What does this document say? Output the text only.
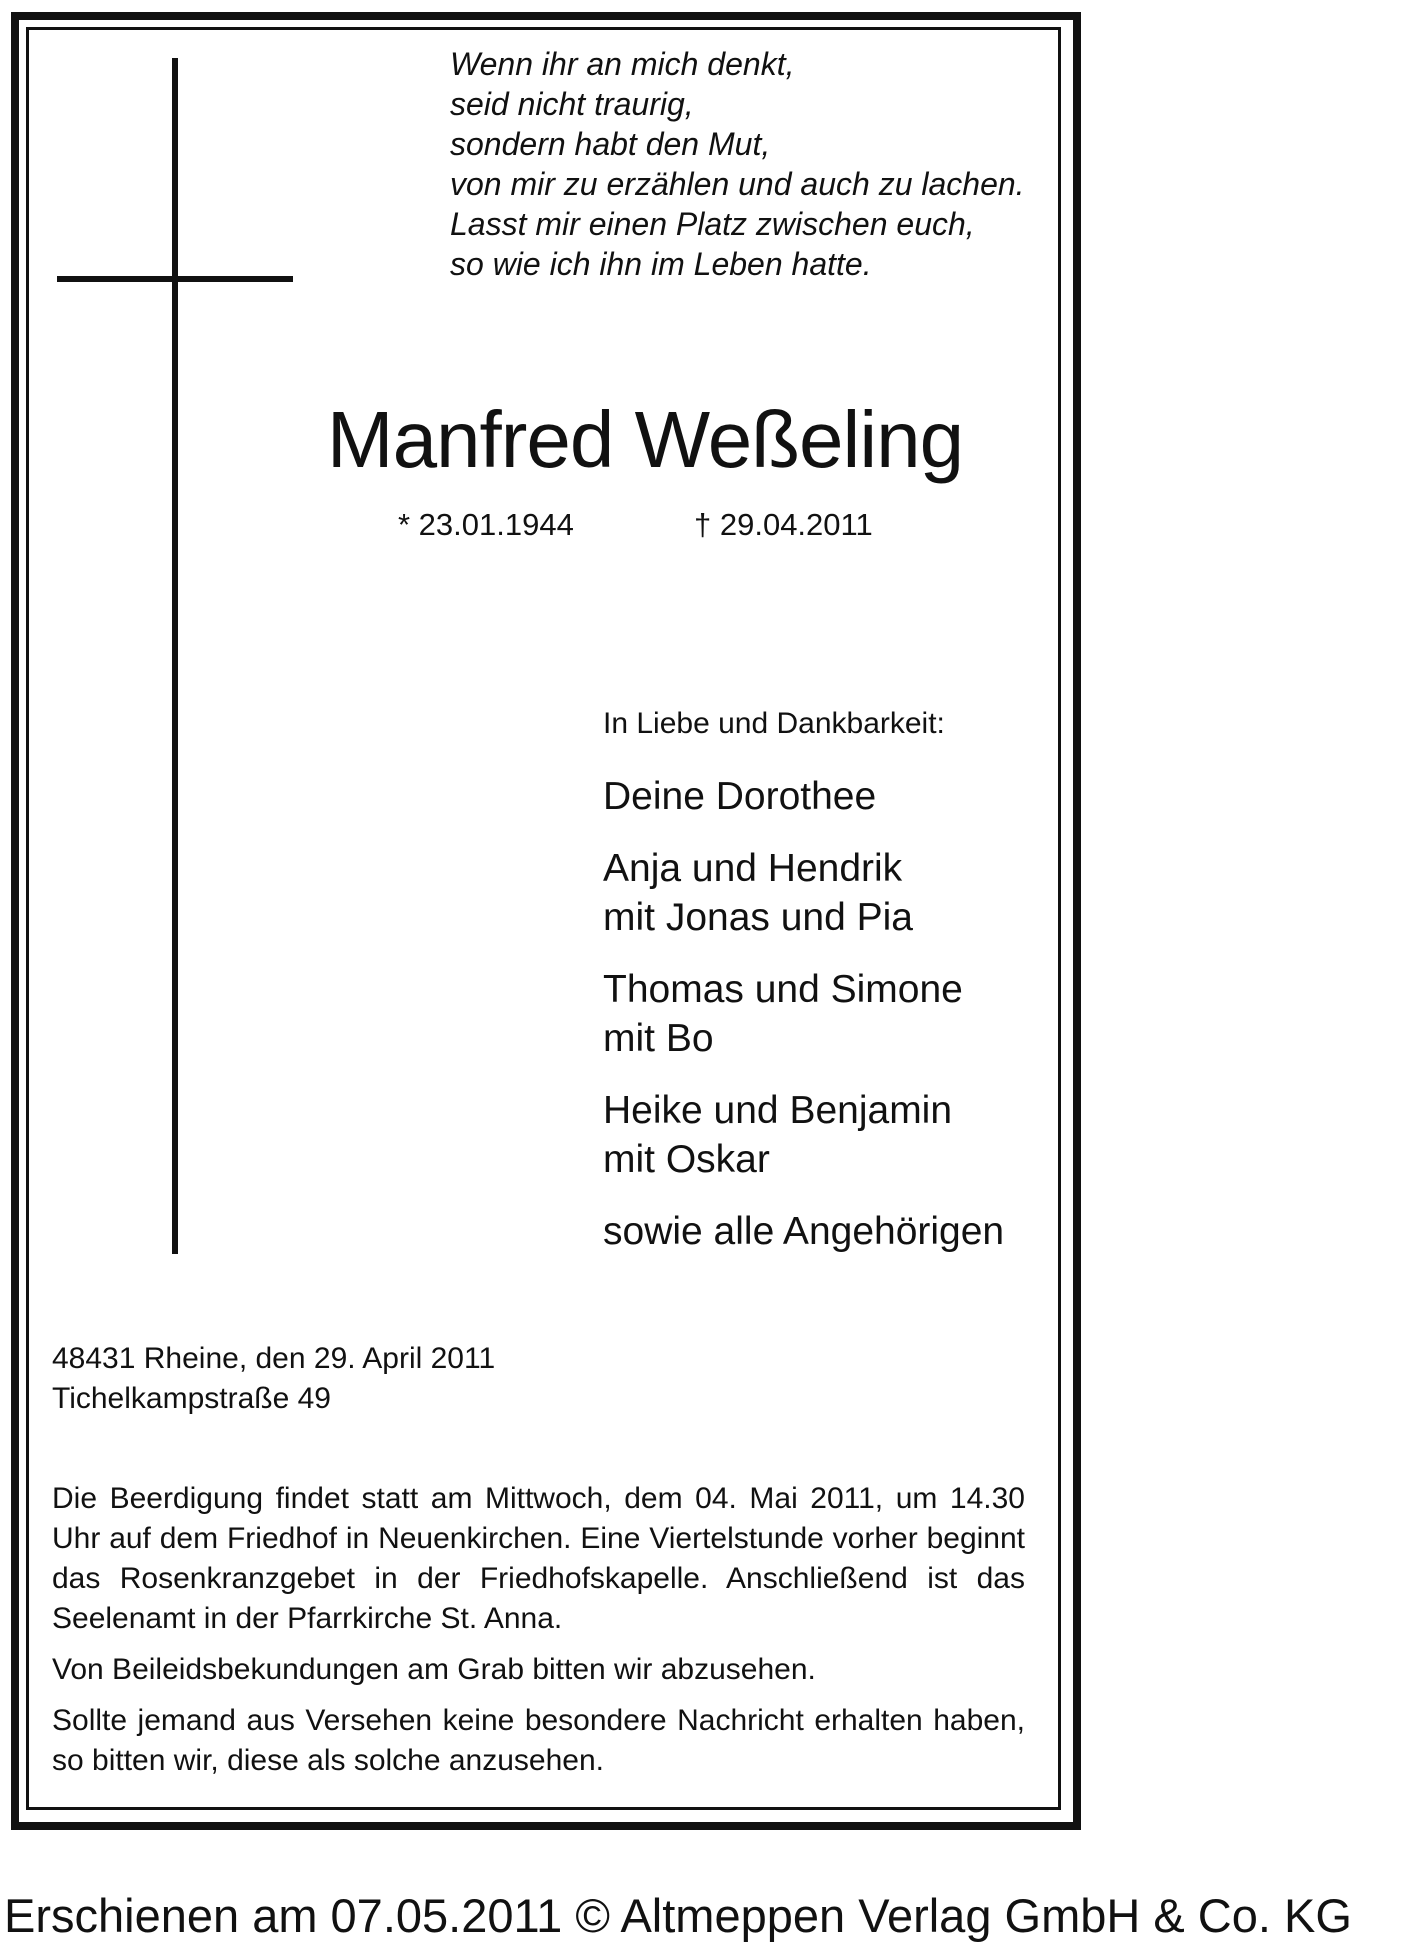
Wenn ihr an mich denkt,
seid nicht traurig,
sondern habt den Mut,
von mir zu erzählen und auch zu lachen.
Lasst mir einen Platz zwischen euch,
so wie ich ihn im Leben hatte.
Manfred Weßeling
* 23.01.1944	† 29.04.2011
In Liebe und Dankbarkeit:
Deine Dorothee
Anja und Hendrik
mit Jonas und Pia
Thomas und Simone
mit Bo
Heike und Benjamin
mit Oskar
sowie alle Angehörigen
48431 Rheine, den 29. April 2011
Tichelkampstraße 49
Die Beerdigung findet statt am Mittwoch, dem 04. Mai 2011, um 14.30 Uhr auf dem Friedhof in Neuenkirchen. Eine Viertelstunde vorher beginnt das Rosenkranzgebet in der Friedhofskapelle. Anschließend ist das Seelenamt in der Pfarrkirche St. Anna.
Von Beileidsbekundungen am Grab bitten wir abzusehen.
Sollte jemand aus Versehen keine besondere Nachricht erhalten haben, so bitten wir, diese als solche anzusehen.
Erschienen am 07.05.2011 © Altmeppen Verlag GmbH & Co. KG
